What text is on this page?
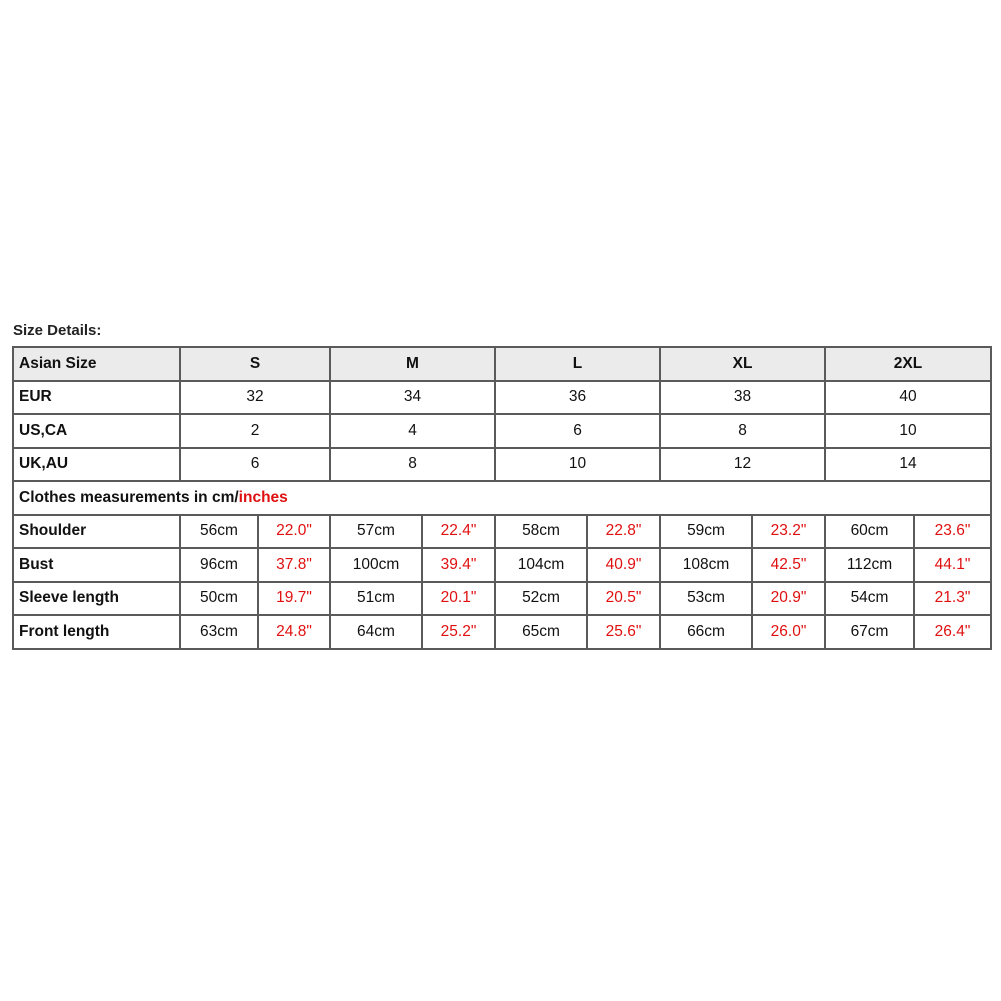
Size Details:
Asian Size	S		M		L		XL		2XL	
EUR	32		34		36		38		40	
US,CA	2		4		6		8		10	
UK,AU	6		8		10		12		14	
Clothes measurements in cm/inches										
Shoulder	56cm	22.0"	57cm	22.4"	58cm	22.8"	59cm	23.2"	60cm	23.6"
Bust	96cm	37.8"	100cm	39.4"	104cm	40.9"	108cm	42.5"	112cm	44.1"
Sleeve length	50cm	19.7"	51cm	20.1"	52cm	20.5"	53cm	20.9"	54cm	21.3"
Front length	63cm	24.8"	64cm	25.2"	65cm	25.6"	66cm	26.0"	67cm	26.4"
